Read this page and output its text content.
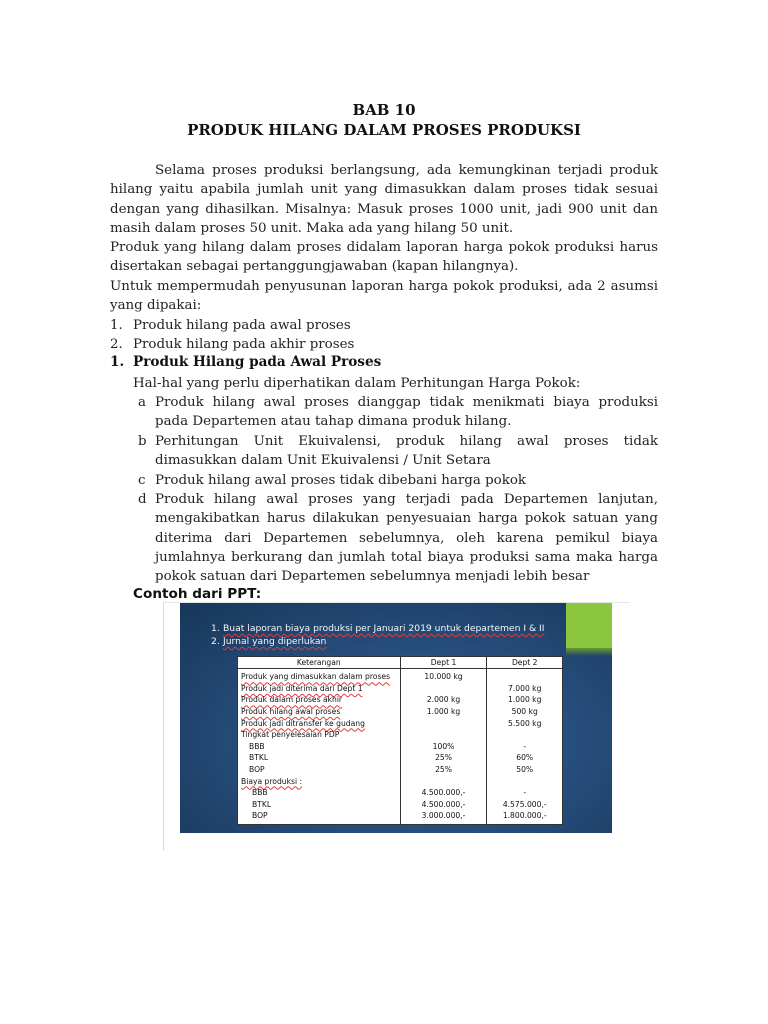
BAB 10
PRODUK HILANG DALAM PROSES PRODUKSI

Selama proses produksi berlangsung, ada kemungkinan terjadi produk hilang yaitu apabila jumlah unit yang dimasukkan dalam proses tidak sesuai dengan yang dihasilkan. Misalnya: Masuk proses 1000 unit, jadi 900 unit dan masih dalam proses 50 unit. Maka ada yang hilang 50 unit.

Produk yang hilang dalam proses didalam laporan harga pokok produksi harus disertakan sebagai pertanggungjawaban (kapan hilangnya).

Untuk mempermudah penyusunan laporan harga pokok produksi, ada 2 asumsi yang dipakai:

1. Produk hilang pada awal proses
2. Produk hilang pada akhir proses
1. Produk Hilang pada Awal Proses
Hal-hal yang perlu diperhatikan dalam Perhitungan Harga Pokok:
a Produk hilang awal proses dianggap tidak menikmati biaya produksi pada Departemen atau tahap dimana produk hilang.

b Perhitungan Unit Ekuivalensi, produk hilang awal proses tidak dimasukkan dalam Unit Ekuivalensi / Unit Setara

c Produk hilang awal proses tidak dibebani harga pokok

d Produk hilang awal proses yang terjadi pada Departemen lanjutan, mengakibatkan harus dilakukan penyesuaian harga pokok satuan yang diterima dari Departemen sebelumnya, oleh karena pemikul biaya jumlahnya berkurang dan jumlah total biaya produksi sama maka harga pokok satuan dari Departemen sebelumnya menjadi lebih besar

Contoh dari PPT:
1. Buat laporan biaya produksi per Januari 2019 untuk departemen I & II
2. Jurnal yang diperlukan
Keterangan	Dept 1	Dept 2
Produk yang dimasukkan dalam proses	10.000 kg	
Produk jadi diterima dari Dept 1		7.000 kg
Produk dalam proses akhir	2.000 kg	1.000 kg
Produk hilang awal proses	1.000 kg	500 kg
Produk jadi ditransfer ke gudang		5.500 kg
Tingkat penyelesaian PDP		
BBB	100%	-
BTKL	25%	60%
BOP	25%	50%
Biaya produksi :		
BBB	4.500.000,-	-
BTKL	4.500.000,-	4.575.000,-
BOP	3.000.000,-	1.800.000,-
